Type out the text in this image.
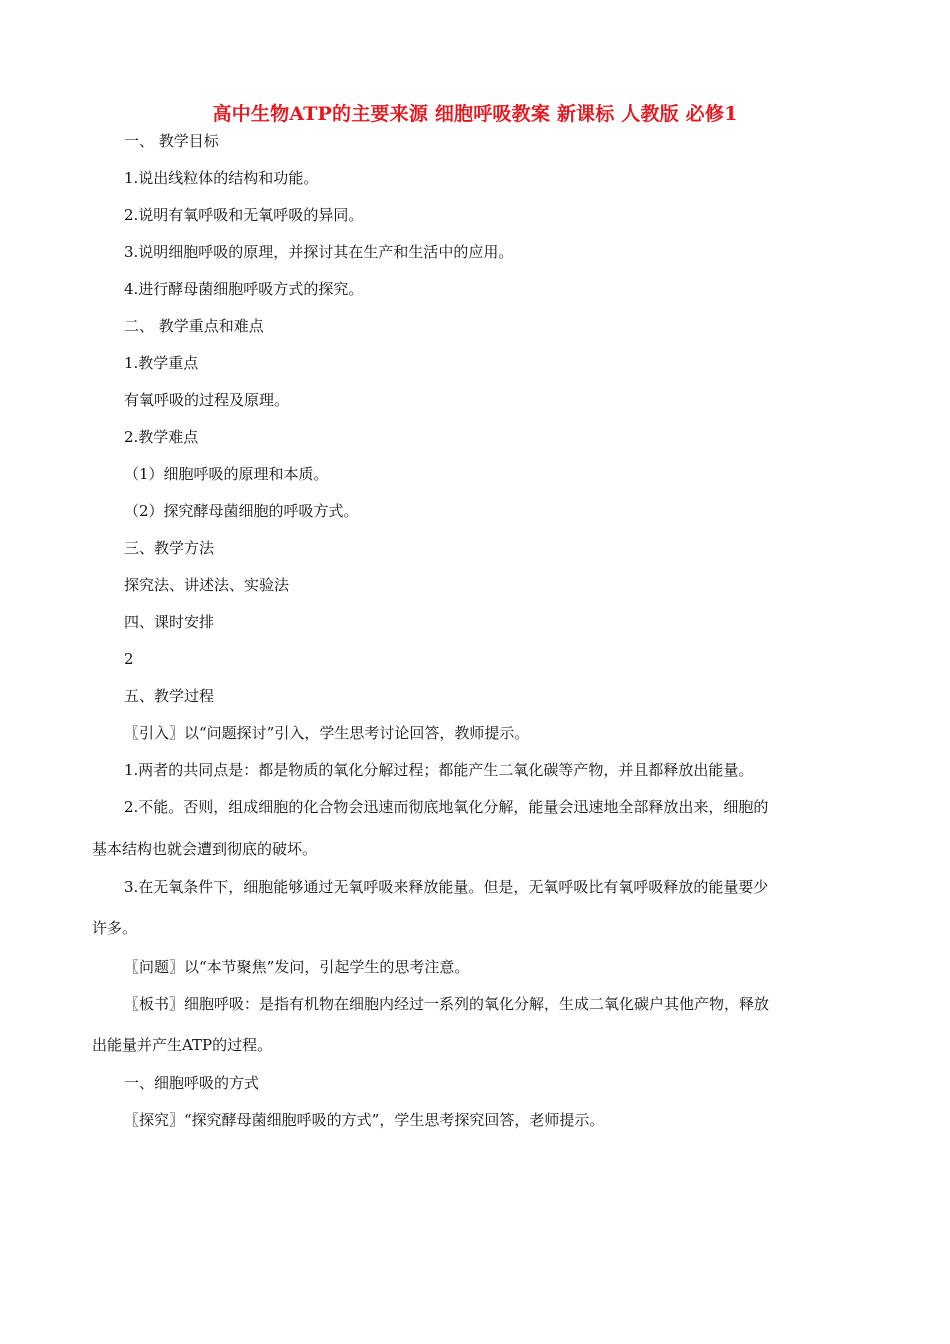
高中生物ATP的主要来源 细胞呼吸教案 新课标 人教版 必修1
一、 教学目标
1.说出线粒体的结构和功能。
2.说明有氧呼吸和无氧呼吸的异同。
3.说明细胞呼吸的原理，并探讨其在生产和生活中的应用。
4.进行酵母菌细胞呼吸方式的探究。
二、 教学重点和难点
1.教学重点
有氧呼吸的过程及原理。
2.教学难点
（1）细胞呼吸的原理和本质。
（2）探究酵母菌细胞的呼吸方式。
三、教学方法
探究法、讲述法、实验法
四、课时安排
2
五、教学过程
〖引入〗以“问题探讨”引入，学生思考讨论回答，教师提示。
1.两者的共同点是：都是物质的氧化分解过程；都能产生二氧化碳等产物，并且都释放出能量。
2.不能。否则，组成细胞的化合物会迅速而彻底地氧化分解，能量会迅速地全部释放出来，细胞的
基本结构也就会遭到彻底的破坏。
3.在无氧条件下，细胞能够通过无氧呼吸来释放能量。但是，无氧呼吸比有氧呼吸释放的能量要少
许多。
〖问题〗以“本节聚焦”发问，引起学生的思考注意。
〖板书〗细胞呼吸：是指有机物在细胞内经过一系列的氧化分解，生成二氧化碳户其他产物，释放
出能量并产生ATP的过程。
一、细胞呼吸的方式
〖探究〗“探究酵母菌细胞呼吸的方式”，学生思考探究回答，老师提示。
